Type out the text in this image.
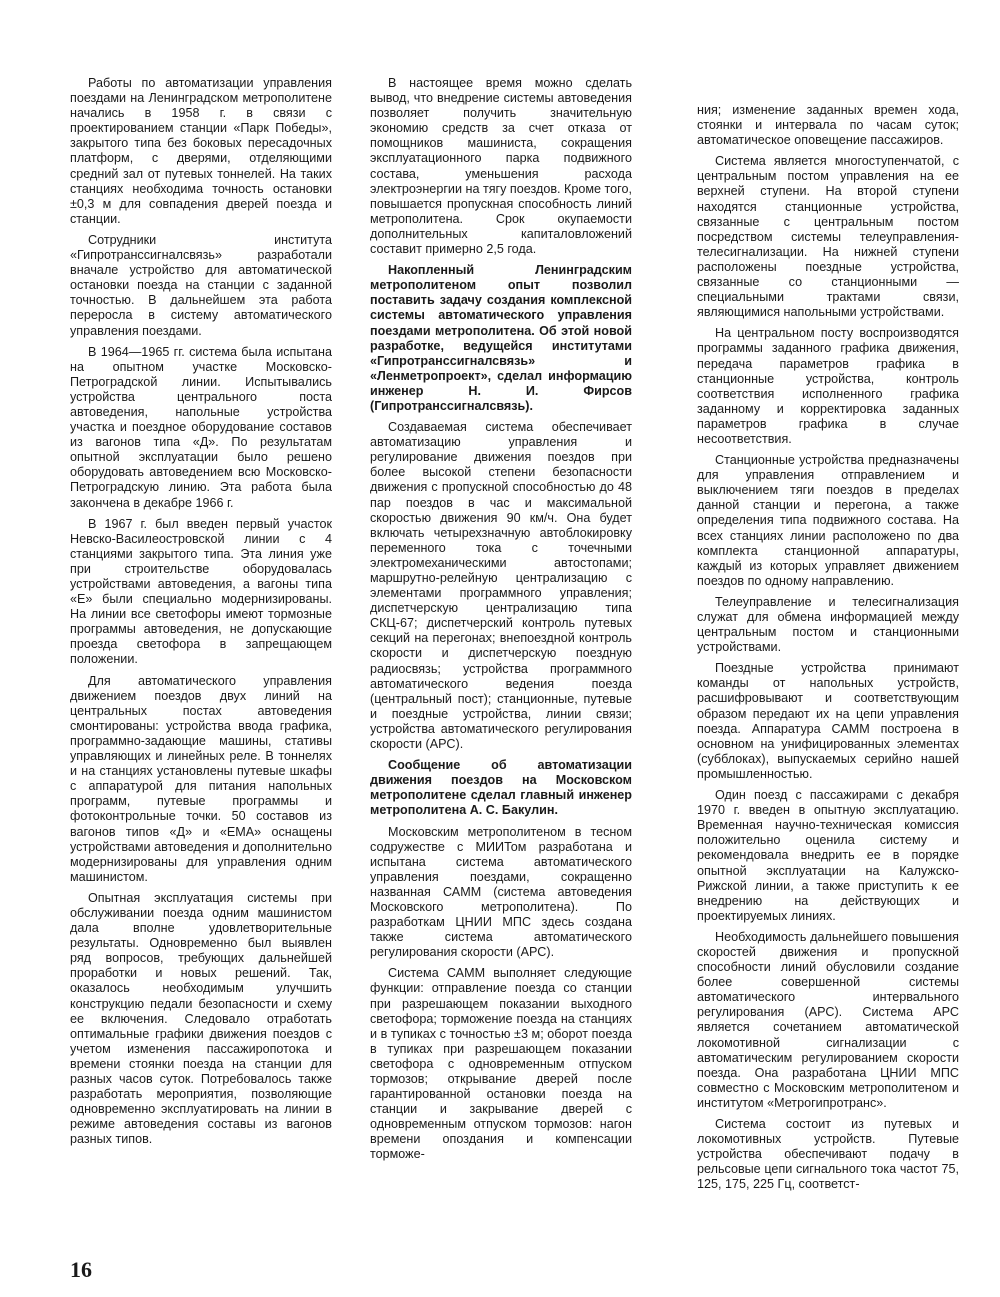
Работы по автоматизации управления поездами на Ленинградском метрополитене начались в 1958 г. в связи с проектированием станции «Парк Победы», закрытого типа без боковых пересадочных платформ, с дверями, отделяющими средний зал от путевых тоннелей. На таких станциях необходима точность остановки ±0,3 м для совпадения дверей поезда и станции.

Сотрудники института «Гипротранссигналсвязь» разработали вначале устройство для автоматической остановки поезда на станции с заданной точностью. В дальнейшем эта работа переросла в систему автоматического управления поездами.

В 1964—1965 гг. система была испытана на опытном участке Московско-Петроградской линии. Испытывались устройства центрального поста автоведения, напольные устройства участка и поездное оборудование составов из вагонов типа «Д». По результатам опытной эксплуатации было решено оборудовать автоведением всю Московско-Петроградскую линию. Эта работа была закончена в декабре 1966 г.

В 1967 г. был введен первый участок Невско-Василеостровской линии с 4 станциями закрытого типа. Эта линия уже при строительстве оборудовалась устройствами автоведения, а вагоны типа «Е» были специально модернизированы. На линии все светофоры имеют тормозные программы автоведения, не допускающие проезда светофора в запрещающем положении.

Для автоматического управления движением поездов двух линий на центральных постах автоведения смонтированы: устройства ввода графика, программно-задающие машины, стативы управляющих и линейных реле. В тоннелях и на станциях установлены путевые шкафы с аппаратурой для питания напольных программ, путевые программы и фотоконтрольные точки. 50 составов из вагонов типов «Д» и «ЕМА» оснащены устройствами автоведения и дополнительно модернизированы для управления одним машинистом.

Опытная эксплуатация системы при обслуживании поезда одним машинистом дала вполне удовлетворительные результаты. Одновременно был выявлен ряд вопросов, требующих дальнейшей проработки и новых решений. Так, оказалось необходимым улучшить конструкцию педали безопасности и схему ее включения. Следовало отработать оптимальные графики движения поездов с учетом изменения пассажиропотока и времени стоянки поезда на станции для разных часов суток. Потребовалось также разработать мероприятия, позволяющие одновременно эксплуатировать на линии в режиме автоведения составы из вагонов разных типов.

В настоящее время можно сделать вывод, что внедрение системы автоведения позволяет получить значительную экономию средств за счет отказа от помощников машиниста, сокращения эксплуатационного парка подвижного состава, уменьшения расхода электроэнергии на тягу поездов. Кроме того, повышается пропускная способность линий метрополитена. Срок окупаемости дополнительных капиталовложений составит примерно 2,5 года.

Накопленный Ленинградским метрополитеном опыт позволил поставить задачу создания комплексной системы автоматического управления поездами метрополитена. Об этой новой разработке, ведущейся институтами «Гипротранссигналсвязь» и «Ленметропроект», сделал информацию инженер Н. И. Фирсов (Гипротранссигналсвязь).

Создаваемая система обеспечивает автоматизацию управления и регулирование движения поездов при более высокой степени безопасности движения с пропускной способностью до 48 пар поездов в час и максимальной скоростью движения 90 км/ч. Она будет включать четырехзначную автоблокировку переменного тока с точечными электромеханическими автостопами; маршрутно-релейную централизацию с элементами программного управления; диспетчерскую централизацию типа СКЦ-67; диспетчерский контроль путевых секций на перегонах; внепоездной контроль скорости и диспетчерскую поездную радиосвязь; устройства программного автоматического ведения поезда (центральный пост); станционные, путевые и поездные устройства, линии связи; устройства автоматического регулирования скорости (АРС).

Сообщение об автоматизации движения поездов на Московском метрополитене сделал главный инженер метрополитена А. С. Бакулин.

Московским метрополитеном в тесном содружестве с МИИТом разработана и испытана система автоматического управления поездами, сокращенно названная САММ (система автоведения Московского метрополитена). По разработкам ЦНИИ МПС здесь создана также система автоматического регулирования скорости (АРС).

Система САММ выполняет следующие функции: отправление поезда со станции при разрешающем показании выходного светофора; торможение поезда на станциях и в тупиках с точностью ±3 м; оборот поезда в тупиках при разрешающем показании светофора с одновременным отпуском тормозов; открывание дверей после гарантированной остановки поезда на станции и закрывание дверей с одновременным отпуском тормозов: нагон времени опоздания и компенсации торможе-

ния; изменение заданных времен хода, стоянки и интервала по часам суток; автоматическое оповещение пассажиров.

Система является многоступенчатой, с центральным постом управления на ее верхней ступени. На второй ступени находятся станционные устройства, связанные с центральным постом посредством системы телеуправления-телесигнализации. На нижней ступени расположены поездные устройства, связанные со станционными — специальными трактами связи, являющимися напольными устройствами.

На центральном посту воспроизводятся программы заданного графика движения, передача параметров графика в станционные устройства, контроль соответствия исполненного графика заданному и корректировка заданных параметров графика в случае несоответствия.

Станционные устройства предназначены для управления отправлением и выключением тяги поездов в пределах данной станции и перегона, а также определения типа подвижного состава. На всех станциях линии расположено по два комплекта станционной аппаратуры, каждый из которых управляет движением поездов по одному направлению.

Телеуправление и телесигнализация служат для обмена информацией между центральным постом и станционными устройствами.

Поездные устройства принимают команды от напольных устройств, расшифровывают и соответствующим образом передают их на цепи управления поезда. Аппаратура САММ построена в основном на унифицированных элементах (субблоках), выпускаемых серийно нашей промышленностью.

Один поезд с пассажирами с декабря 1970 г. введен в опытную эксплуатацию. Временная научно-техническая комиссия положительно оценила систему и рекомендовала внедрить ее в порядке опытной эксплуатации на Калужско-Рижской линии, а также приступить к ее внедрению на действующих и проектируемых линиях.

Необходимость дальнейшего повышения скоростей движения и пропускной способности линий обусловили создание более совершенной системы автоматического интервального регулирования (АРС). Система АРС является сочетанием автоматической локомотивной сигнализации с автоматическим регулированием скорости поезда. Она разработана ЦНИИ МПС совместно с Московским метрополитеном и институтом «Метрогипротранс».

Система состоит из путевых и локомотивных устройств. Путевые устройства обеспечивают подачу в рельсовые цепи сигнального тока частот 75, 125, 175, 225 Гц, соответст-

16
